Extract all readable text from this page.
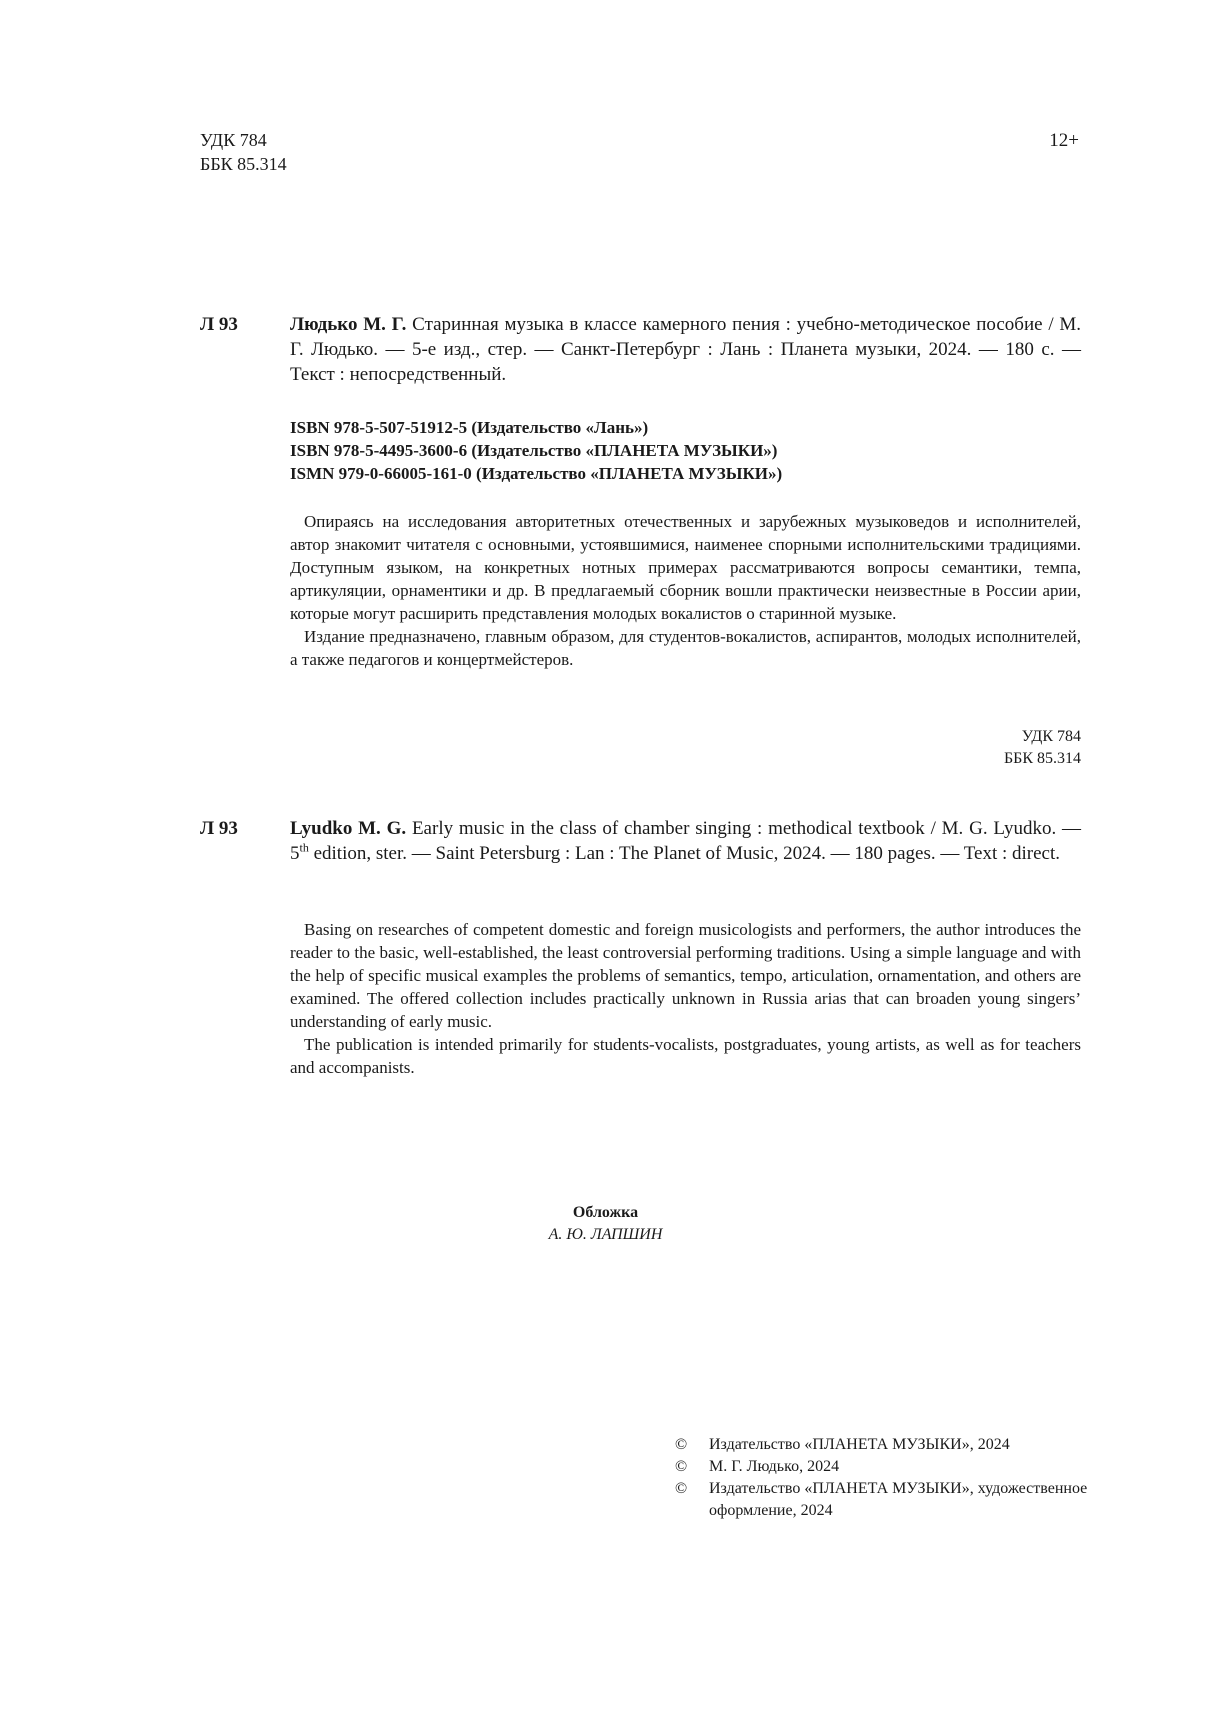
УДК 784
ББК 85.314
12+
Л 93	Людько М. Г. Старинная музыка в классе камерного пения : учебно-методическое пособие / М. Г. Людько. — 5-е изд., стер. — Санкт-Петербург : Лань : Планета музыки, 2024. — 180 с. — Текст : непосредственный.

ISBN 978-5-507-51912-5 (Издательство «Лань»)
ISBN 978-5-4495-3600-6 (Издательство «ПЛАНЕТА МУЗЫКИ»)
ISMN 979-0-66005-161-0 (Издательство «ПЛАНЕТА МУЗЫКИ»)

Опираясь на исследования авторитетных отечественных и зарубежных музыковедов и исполнителей, автор знакомит читателя с основными, устоявшимися, наименее спорными исполнительскими традициями. Доступным языком, на конкретных нотных примерах рассматриваются вопросы семантики, темпа, артикуляции, орнаментики и др. В предлагаемый сборник вошли практически неизвестные в России арии, которые могут расширить представления молодых вокалистов о старинной музыке.

Издание предназначено, главным образом, для студентов-вокалистов, аспирантов, молодых исполнителей, а также педагогов и концертмейстеров.

УДК 784
ББК 85.314
Л 93	Lyudko M. G. Early music in the class of chamber singing : methodical textbook / M. G. Lyudko. — 5th edition, ster. — Saint Petersburg : Lan : The Planet of Music, 2024. — 180 pages. — Text : direct.

Basing on researches of competent domestic and foreign musicologists and performers, the author introduces the reader to the basic, well-established, the least controversial performing traditions. Using a simple language and with the help of specific musical examples the problems of semantics, tempo, articulation, ornamentation, and others are examined. The offered collection includes practically unknown in Russia arias that can broaden young singers’ understanding of early music.

The publication is intended primarily for students-vocalists, postgraduates, young artists, as well as for teachers and accompanists.

Обложка
А. Ю. ЛАПШИН
©	Издательство «ПЛАНЕТА МУЗЫКИ», 2024
©	М. Г. Людько, 2024
©	Издательство «ПЛАНЕТА МУЗЫКИ», художественное оформление, 2024
